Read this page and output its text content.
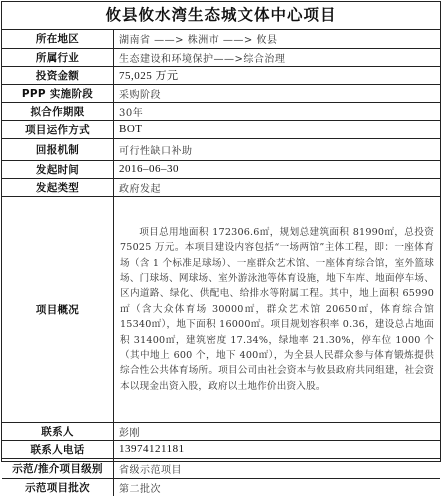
攸县攸水湾生态城文体中心项目
所在地区	湖南省 ——> 株洲市 ——> 攸县
所属行业	生态建设和环境保护——>综合治理
投资金额	75,025 万元
PPP 实施阶段	采购阶段
拟合作期限	30年
项目运作方式	BOT
回报机制	可行性缺口补助
发起时间	2016–06–30
发起类型	政府发起
项目概况	项目总用地面积 172306.6㎡，规划总建筑面积 81990㎡，总投资 75025 万元。本项目建设内容包括“一场两馆”主体工程，即：一座体育场（含 1 个标准足球场）、一座群众艺术馆、一座体育综合馆，室外篮球场、门球场、网球场、室外游泳池等体育设施，地下车库、地面停车场、区内道路、绿化、供配电、给排水等附属工程。其中，地上面积 65990㎡（含大众体育场 30000㎡，群众艺术馆 20650㎡，体育综合馆 15340㎡），地下面积 16000㎡。项目规划容积率 0.36，建设总占地面积 31400㎡，建筑密度 17.34%，绿地率 21.30%，停车位 1000 个（其中地上 600 个，地下 400㎡），为全县人民群众参与体育锻炼提供综合性公共体育场所。项目公司由社会资本与攸县政府共同组建，社会资本以现金出资入股，政府以土地作价出资入股。
联系人	彭刚
联系人电话	13974121181
示范/推介项目级别	省级示范项目
示范项目批次	第二批次
